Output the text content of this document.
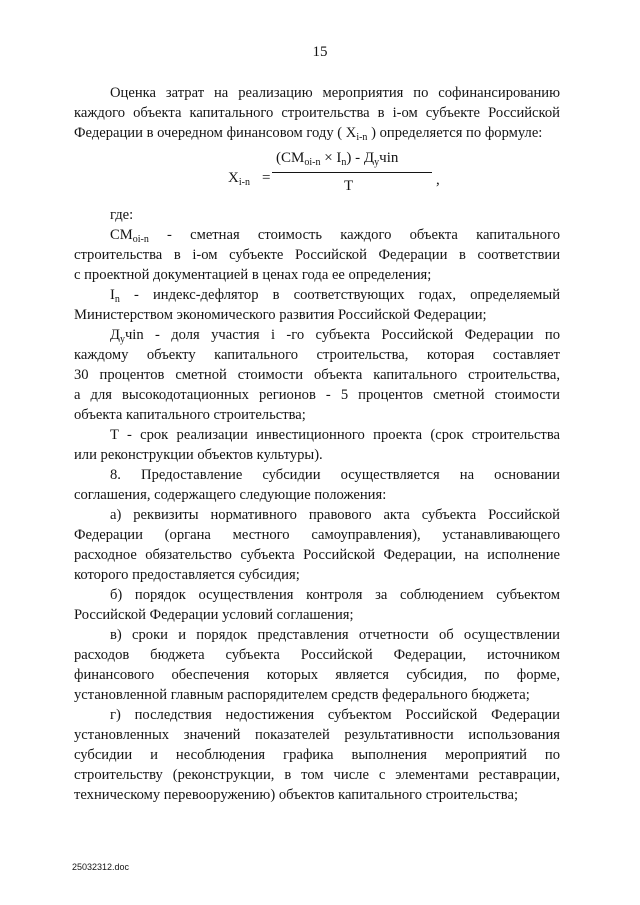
15
Оценка затрат на реализацию мероприятия по софинансированию
каждого объекта капитального строительства в i-ом субъекте Российской
Федерации в очередном финансовом году ( $X_{i-n}$ ) определяется по формуле:
$X_{i-n}$ =
$(CM_{oi-n} \times I_n) - Д_учin$
T	,
где:
$CM_{oi-n}$ - сметная стоимость каждого объекта капитального
строительства в i-ом субъекте Российской Федерации в соответствии
с проектной документацией в ценах года ее определения;
$I_n$ - индекс-дефлятор в соответствующих годах, определяемый
Министерством экономического развития Российской Федерации;
$Д_учin$ - доля участия i -го субъекта Российской Федерации по
каждому объекту капитального строительства, которая составляет
30 процентов сметной стоимости объекта капитального строительства,
а для высокодотационных регионов - 5 процентов сметной стоимости
объекта капитального строительства;
T - срок реализации инвестиционного проекта (срок строительства
или реконструкции объектов культуры).
8. Предоставление субсидии осуществляется на основании
соглашения, содержащего следующие положения:
а) реквизиты нормативного правового акта субъекта Российской
Федерации (органа местного самоуправления), устанавливающего
расходное обязательство субъекта Российской Федерации, на исполнение
которого предоставляется субсидия;
б) порядок осуществления контроля за соблюдением субъектом
Российской Федерации условий соглашения;
в) сроки и порядок представления отчетности об осуществлении
расходов бюджета субъекта Российской Федерации, источником
финансового обеспечения которых является субсидия, по форме,
установленной главным распорядителем средств федерального бюджета;
г) последствия недостижения субъектом Российской Федерации
установленных значений показателей результативности использования
субсидии и несоблюдения графика выполнения мероприятий по
строительству (реконструкции, в том числе с элементами реставрации,
техническому перевооружению) объектов капитального строительства;
25032312.doc
